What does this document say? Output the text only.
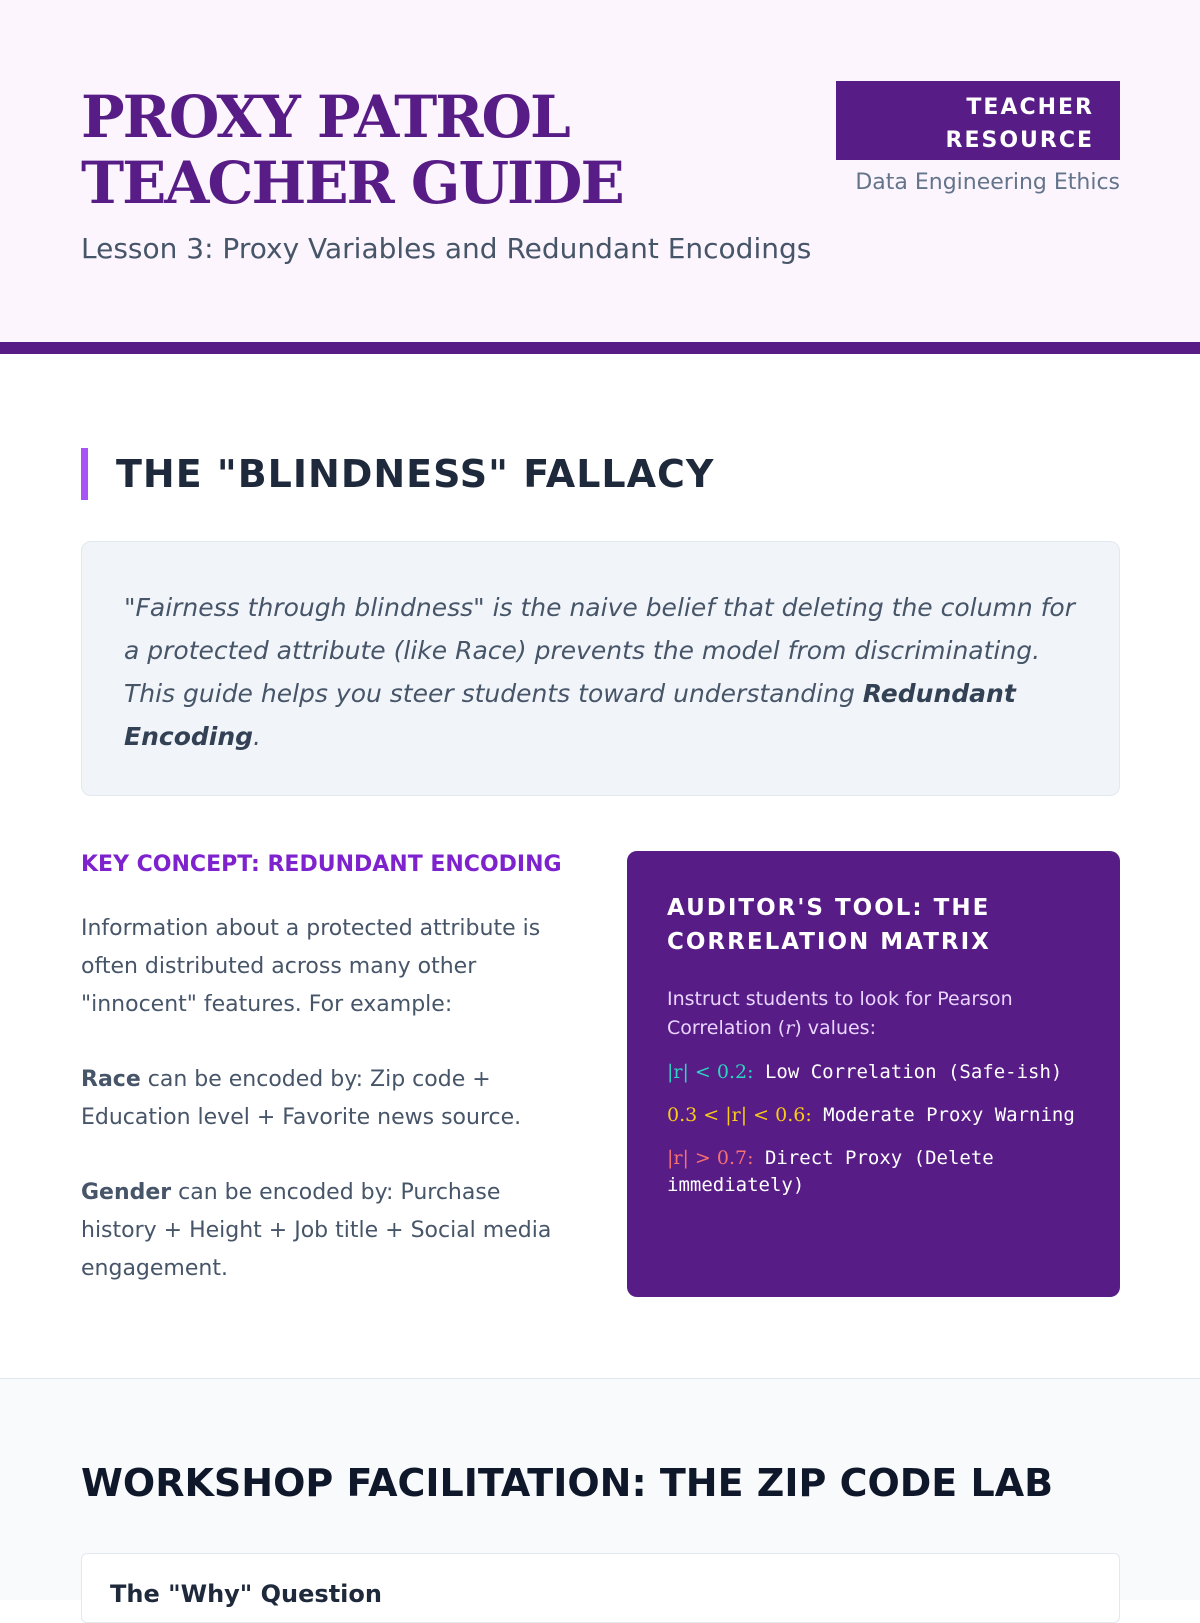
PROXY PATROL TEACHER GUIDE
Lesson 3: Proxy Variables and Redundant Encodings
TEACHER
RESOURCE
Data Engineering Ethics
THE "BLINDNESS" FALLACY
"Fairness through blindness" is the naive belief that deleting the column for a protected attribute (like Race) prevents the model from discriminating. This guide helps you steer students toward understanding Redundant Encoding.
KEY CONCEPT: REDUNDANT ENCODING

Information about a protected attribute is often distributed across many other "innocent" features. For example:

Race can be encoded by: Zip code + Education level + Favorite news source.

Gender can be encoded by: Purchase history + Height + Job title + Social media engagement.

AUDITOR'S TOOL: THE CORRELATION MATRIX
Instruct students to look for Pearson Correlation (r) values:
|r| < 0.2: Low Correlation (Safe-ish)
0.3 < |r| < 0.6: Moderate Proxy Warning
|r| > 0.7: Direct Proxy (Delete immediately)
WORKSHOP FACILITATION: THE ZIP CODE LAB
The "Why" Question
